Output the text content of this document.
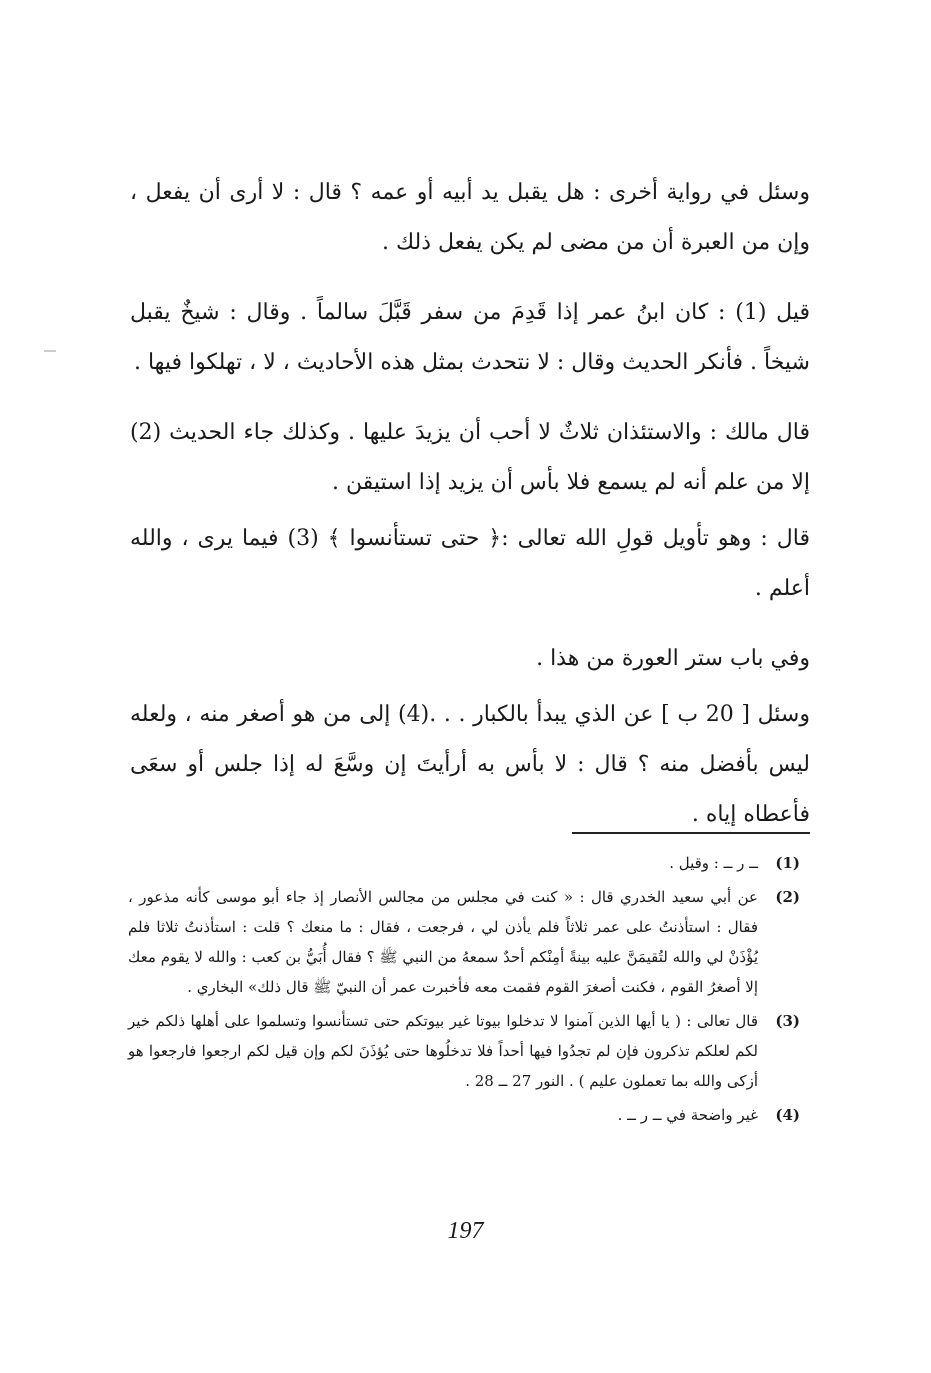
وسئل في رواية أخرى : هل يقبل يد أبيه أو عمه ؟ قال : لا أرى أن يفعل ، وإن من العبرة أن من مضى لم يكن يفعل ذلك .

قيل (1) : كان ابنُ عمر إذا قَدِمَ من سفر قَبَّلَ سالماً . وقال : شيخٌ يقبل شيخاً . فأنكر الحديث وقال : لا نتحدث بمثل هذه الأحاديث ، لا ، تهلكوا فيها .

قال مالك : والاستئذان ثلاثٌ لا أحب أن يزيدَ عليها . وكذلك جاء الحديث (2) إلا من علم أنه لم يسمع فلا بأس أن يزيد إذا استيقن .

قال : وهو تأويل قولِ الله تعالى :﴿ حتى تستأنسوا ﴾ (3) فيما يرى ، والله أعلم .

وفي باب ستر العورة من هذا .

وسئل [ 20 ب ] عن الذي يبدأ بالكبار . . .(4) إلى من هو أصغر منه ، ولعله ليس بأفضل منه ؟ قال : لا بأس به أرأيتَ إن وسَّعَ له إذا جلس أو سعَى فأعطاه إياه .

(1)
ــ ر ــ : وقيل .
(2)
عن أبي سعيد الخدري قال : « كنت في مجلس من مجالس الأنصار إذ جاء أبو موسى كأنه مذعور ، فقال : استأذنتُ على عمر ثلاثاً فلم يأذن لي ، فرجعت ، فقال : ما منعك ؟ قلت : استأذنتُ ثلاثا فلم يُؤْذَنْ لي والله لتُقيمَنَّ عليه بينةً أمِنْكم أحدٌ سمعهُ من النبي ﷺ ؟ فقال أُبَيُّ بن كعب : والله لا يقوم معك إلا أصغرُ القوم ، فكنت أصغرَ القوم فقمت معه فأخبرت عمر أن النبيّ ﷺ قال ذلك» البخاري .
(3)
قال تعالى : ( يا أيها الذين آمنوا لا تدخلوا بيوتا غير بيوتكم حتى تستأنسوا وتسلموا على أهلها ذلكم خير لكم لعلكم تذكرون فإن لم تجدُوا فيها أحداً فلا تدخلُوها حتى يُؤذَنَ لكم وإن قيل لكم ارجعوا فارجعوا هو أزكى والله بما تعملون عليم ) . النور 27 ــ 28 .
(4)
غير واضحة في ــ ر ــ .
197
